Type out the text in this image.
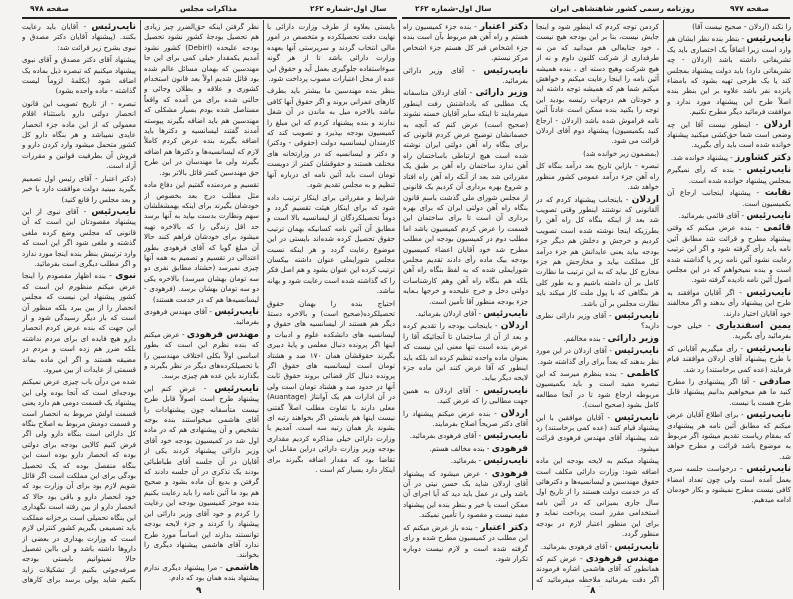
صفحه ۹۷۸	مذاکرات مجلس	سال اول-شماره ۲۶۲	سال اول-شماره ۲۶۲	روزنامه رسمی کشور شاهنشاهی ایران	صفحه ۹۷۷

نایب‌رئیس - آقایان باید رعایت بکنند. (پیشنهاد آقایان دکتر مصدق و نبوی بشرح زیر قرائت شد:

پیشنهاد آقای دکتر مصدق و آقای نبوی پیشنهاد میکنیم که تبصره ذیل بماده یک اضافه شود (بکلمهٔ لزوماً لیست گذاشته - ماده واحده بشود)

تبصره - از تاریخ تصویب این قانون انحصار دولتی دارو باستثناء اقلام معمولی که از این ماده جزء انحصار عایدی نمیباشد و هر بنگاه دارو کل کشور متحمل میشود وارد کردن دارو و فروش آن بطرفیت قوانین و مقررات آزاد است.

(دکتر اعتبار - آقای رئیس اول تصمیم بگیرید ببینید دولت موافقت دارد یا خیر و بعد مجلس را قانع کنید)

نایب‌رئیس - آقای نبوی از این پیشنهاد مقصودتان این است که آن قانونی که مجلس وضع کرده ملغی گذشته و ملغی شود اگر این است که وارد ترتیبش بنظر بنده اینجا مورد ندارد و اگر مطلب دیگری است بفرمائید.

نبوی - بنده اظهار مقصودم را اینجا عرض میکنم منظورم این است که کشور پیشنهاد این نیست که مجلس انحصار را از بین ببرد بلکه منظور آن است که بار دیگر رسیدگی شود و از این جهت که بنده عرض کردم انحصار دارو هیچ فایده ای برای مردم نداشته بلکه ضرر هم زده است و مردم در مضیقه هستند و اگر این ماده بماند قسمتی از عایدات از بین میرود.

شده من درآن باب چیزی عرض نمیکنم بودجه‌ای است که آنجا بوده ولی این پیشنهاد یک قسمت دومی هم دارد یعنی قسمت اولش مربوط به انحصار است و قسمت دومش مربوط به اصلاح بنگاه کل دارائی است بنگاه دارو ولی اگر فرض کنیم کالایی بودجه برای دولتی بوده که انحصار دارو بوده است این بنگاه منفصل بوده که یک تحصیل بودگی برای این مملکت است اگر قائل شویم لازم بود برای آن وزارت بود که خود انحصار دارو و باقی بود حالا که انحصار دارو از بین رفته است نگهداری این بنگاه تحمیلی است برخزانه مملکت باید تصمیمی بگیریم کشور کنترلی لازم است که وزارت بهداری در بعضی از داروها داشته باشد و لی بااین تفصیل حالا نمیتوانیم بایستی بودجه صرفه‌جوئی بکنیم از تشکیلات زاید بکنیم شاید پولی برسد برای کارهای

نظر گرفتن اینکه حق‌الضرر چیز زیادی هم تحصیل بودجهٔ کشور نشود تحصیل بودجه علیحده (Debirl) کشور نشود آمدیم یکمقدار خیلی کمی برای این جا مهندسین که بهمان مسائل عالم شده بود قائل شدیم اولاً بعد قانون استخدام کشوری و علاقه و بطلان وجائی و حالتی شده برای من آمده که واقعاً مستاصل شده بودم بسیار مشکلی که مهندسین هم باید اضافه بگیرند پیوسته آمدند گفتند لیسانسیه و دکترها باید اضافه بگیرند بنده عرض کردم کاملاً لازم که لیسانسیه‌ها و دکترها هم اضافه بگیرند ولی ما مهندسان در این طرح حق مهندسین کمتر قائل بالاتر بود.

تقسیم و مردمنده گفتیم این دفاع ماده مثل مطلب درج بعد بخصوص از خودشان بگیرند برای اینکه بهمشغلشان سهم ونظارت بدست بیاید به آنها برسد حد اقل زندگی را که بالاخره تهیه میشود برای خودشان فراهم کنند حالا آن مبلغ گویا که آقای فرهودی بطور اعتدالی در تقسیم و تصمیم به همه آنها چیزی نمیرسد (حشتاد مطابق نفری دو سه تومان بهشان میرسد) بالاخره یکی دو سه تومان بهشان برسد. (فرهودی - لیسانسیه‌ها هم که در خدمت هستند)

نایب‌رئیس - آقای مهندس فرهودی بفرمائید.

مهندس فرهودی - عرض میکنم که بنده نظرم این است که بطور اساسی اولاً بکلی اختلاف مهندسین را با تحصیلکرده‌های دیگر در نظر بگیرند و بگذارند باین عده هم چیزی برسد.

نایب‌رئیس - عرض کنم این پیشنهاد طرح است اصولاً قابل طرح نیست متأسفانه چون پیشنهادات را آقای هاشمی میخواستند بنده بوجه تشخیص و آن پیشنهادی هم که در ماده اول شد در کمیسیون بودجه خود آقای وزیر دارائی پیشنهاد کردند یکی از آقایان در آن جلسه آقای طباطبائی بودند یک تذکری در آن جلسه دادند که گرفتن و بدیع آن ماده بشود و صحیح هم بود ما آئین نامه را باید رعایت بکنیم بنده موجز کمیسیون بودجه این رعایت را کردم و خود آقای وزیر دارائی این پیشنهاد را کردند و جزء لایحه بودجه توانستند بدارند این اساساً مورد طرح ندارد آقای هاشمی پیشنهاد دیگری را بخوانند.

هاشمی - مرا پیشنهاد دیگری ندارم پیشنهاد بنده همان بود که دادم.

بایستی بعلاوه از طرف وزارت دارائی با نهایت دقت تحصیلکرده و متخصص در امور مالی انتخاب گردند و سرپرستی آنها بعهده وزارت دارائی باشد تا از هر گونه سوءاستفاده جلوگیری بعمل آید و حقوق این عده از محل اعتبارات مصوب پرداخت شود.

بنظر بنده مهندسین ما بیشتر باید بطرف کارهای عمرانی بروند و اگر حقوق آنها کافی نباشد بالاخره میل به ماندن در آن شغل ندارند و بنده پیشنهاد کردم که این مبلغ را کمیسیون بودجه بپذیرد و تصویب کند که کارمندان لیسانسیه دولت (حقوقی - ودکتر) و دکتر و لیسانسیه که در وزارتخانه های مختلف هستند و حقوقشان کمتر از دویست تومان است باید آئین نامه ای درباره آنها تنظیم و به مجلس تقدیم شود.

شرایط و مقرراتی برای اینکار ترتیب داده شود که برای اینکار هیئت تقسیم گردد و دوماً تحصیلکردگان از لیسانسیه بالا است و مطابق آن آئین نامه کسانیکه بهمان ترتیب حقوق تحصیل کرده شده‌اند بایستی در این موضوع رعایت گردد و هر اینکه نسبت مجلس شورایملی عنوان داشته بیکسان ترتیب کرده این عنوان بشود و هم اصل فکر را که گذاشته شده است رعایت شود و بهانه نباشد.

احتیاج بنده را بهمان حقوق تحصیلکرده(صحیح است) و بالاخره دستهٔ دیگر هم هستند از لیسانسیه های حقوق و لیسانسیه های دانشکده علوم و ادبیات و اینها اگر پرونده دنبال معلمی و پایهٔ دبیری بگیرند حقوقشان همان ۱۷۰ صد و هشتاد تومان است لیسانسیه های حقوق اگر پرونده دنبال کار قضائی بروند حقوق ثابت آنها در حدود صد و هشتاد تومان است ولی در آن ادارات هم یک آوانتاژ (Auantage) معلی دارند با تفاوت مطلب اصلاً گفتنی نیست اینها هم بایستی اگر بخواهند رتبه ای بشوند باز همان رتبه سه است. آمدیم با وزارت دارائی خیلی مذاکره کردیم مقداری بودجه وزیر وزارت دارائی دراین مقابل این تقاضا بود که مقدار اضافه بگیرند برای اینکار دارد بسیار کم است .

دکتر اعتبار - بنده جزء کمیسیون راه هستم و راه آهن هم مربوط بآن است بنده جزء اشخاص قیر کل هستم جزء اشخاص مرکز نیستم.

نایب‌رئیس - آقای وزیر دارائی بفرمائید.

وزیر دارائی - آقای اردلان متاسفانه یک مطلبی که یادداشتش رفت اینطور میفرمایند تا اینکه سایر آقایان خسته نشوند (صحیح است) عرض کنم که آنچه به خصمانشان توضیح عرض کردم قانونی که برای بنگاه راه آهن دولتی ایران نوشته شده است هیچ ارتباطی باساختمان راه آهن ندارد ساختمان راه آهن بر طبق یک مقرراتی شد بعد از آنکه راه آهن راه افتاد و شروع بهره برداری آن کردیم یک قانونی از مجلس شورای ملی گذشت باسم قانون بنگاه راه آهن دولتی ایران که برای بهره برداری آن است تا برای ساختمان این قسمت را عرض کردم کمیسیون باشد اما مطلب دوم در کمیسیون بودجه این مطلب مطرح شد خود آقایان اعضاء کمیسیون بودجه بیک ماده رأی دادند تقدیم مجلس شورایملی شده که به لفظ بنگاه راه آهن بلکه هم بنگاه راه آهن وهم کارشناسات دولتی دخل و خرج علیحده و خرجها بـعایه جزء بودجه منظور آقا تأمین است.

نایب‌رئیس - آقای اردلان بفرمائید.

اردلان - باینجانب بودجه را تقدیم کرده و بعد از آن از ساختمان تا آنجائیکه آقا را عرض بنده است تنها معنی این نیست که بعنوان ماده واحده تنظیم کرده اند بلکه باید اینطور که آقا عرض کنند این ماده جزء لایحه دیگر بیاید.

نایب‌رئیس - آقای اردلان به همین جهت مطالبی را که عرض کنید.

اردلان - بنده عرض میکنم پیشنهاد را آقای دکتر صریحاً اصلاح بفرمایند.

نایب‌رئیس - آقای فرهودی بفرمائید.

فرهودی - بنده مخالف هستم.

نایب‌رئیس - بفرمائید.

فرهودی - عرض میشود که پیشنهاد آقای اردلان شاید یک حسن نیتی در آن باشد ولی در عمل باید دید که آیا اجرای آن ممکن است یا خیر و بنظر بنده این پیشنهاد مفید نیست و مقصود را تأمین نمیکند.

دکتر اعتبار - بنده باز عرض میکنم که این مطلب در کمیسیون مطرح شده و رای گرفته شده است و لازم نیست دوباره تکرار شود.

کردمن توجه کردم که اینطور شود و اینجا جایش نیست، بنا بر این بودجه هیچ نیست ، خود جنابعالی هم میدانید که من نه طرفداری از شرکت کلنون داوم و نه از هیچ شرکت وهیچ دسته ای ، بنده همیشه آئین نامه را اینجا رعایت میکنم و خواهش میکنم شما هم که همیشه توجه داشته اید و خودتان هم درجهات رئیسه بودید این توجه را بکنید بنده ممکن است عادتاً آئین نامه فراموش شده باشد (اردلان - ارجاع کنید بکمیسیون) پیشنهاد دوم آقای اردلان قرائت می شود.

(بمضمون زیر خوانده شد)

تبصره - بازاین تاریخ بعد درآمد بنگاه کل راه آهن جزء درآمد عمومی کشور منظور خواهد شد.

اردلان - باینجانب پیشنهاد کردم که در آلقانونی که نوشتند اینطور وقتی تصویب شد بعد از اینکه بنگاه کل راه آهن را بطرزیکه اینجا نوشته شده است تصویب کردیم و خرجش و دخلش هم دیگر جزء بودجه بیاید یعنی عایداتش هم جزء درآمد کل مملکت بیاید و مخارجش هم جزء مخارج کل بیاید که به این ترتیب ما نظارت کامل بر آن داشته باشیم و به طور کلی هر بنگاهی که با پول ملت کار میکند باید نظارت مجلس بر آن باشد.

نایب‌رئیس - آقای وزیر دارائی نظری دارید؟

وزیر دارائی - بنده مخالفم.

نایب‌رئیس - آقای اردلان در این مورد نظر بدهند که بعداً برای رأی گذاشته شود.

کاظمی - بنده بنظرم میرسد که این تبصره مفید است و باید بکمیسیون مربوطه ارجاع شود تا در آنجا مطالعه کامل بشود (صحیح است).

نایب‌رئیس - آقایان موافقین با این پیشنهاد قیام کنند (عده کمی برخاستند) رد شد پیشنهاد آقای مهندس فرهودی قرائت میشود.

پیشنهاد میکنم به لایحه بودجه این ماده اضافه شود: وزارت دارائی مکلف است حقوق مهندسین و لیسانسیه‌ها و دکترهائی که در خدمت دولت هستند را از تاریخ اول سال جاری بمیزانی که در آئین نامه استخدامی مقرر است پرداخت نماید و برای این منظور اعتبار لازم در بودجه منظور گردد.

نایب‌رئیس - آقای فرهودی بفرمائید.

مهندس فرهودی - عرض کنم که همانطور که آقای هاشمی اشاره فرمودند اگر دقت بفرمائید ملاحظه میفرمائید که

را نکند (اردلان - صحیح نیست آقا)

نایب‌رئیس - بنظر بنده نظر ایشان هم وارد است زیرا اتفاقاً یک اختصاری باید یک تشریفاتی داشته باشد (اردلان - چه تشریفاتی دارد) باید دولت پیشنهاد بمجلس کند یا یک طرحی تهیه بشود که بامضاء پانزده نفر باشد علاوه بر این بنظر بنده اصلاً طرح این پیشنهاد مورد ندارد و موافقت فرمائید دیگر مطرح نکنیم.

اردلان - اینطور نیست آقا این چه وضعی است شما حق‌کشی میکنید پیشنهاد خوانده شده است باید رأی بگیرید.

دکتر کشاورز - پیشنهاد خوانده شد.

نایب‌رئیس - بنده که رأی نمیگیرم بمجلس پیشنهاد خوانده شده است.

نقابت - پیشنهاد اینجانب ارجاع آن بکمیسیون است.

نایب‌رئیس - آقای قائمی بفرمائید.

قائمی - بنده عرض میکنم که وقتی پیشنهاد مطرح و قرائت شد مطابق آئین نامه باید رأی گرفته شود و اگر این ترتیب رعایت نشود آئین نامه زیر پا گذاشته شده است و بنده نمیخواهم که در این مجلس اصول آئین نامه نادیده گرفته شود.

نایب‌رئیس - اگر آقایان موافقند به طرح این پیشنهاد رأی بدهند و اگر مخالفند خود آقایان اختیار دارند.

یمین اسفندیاری - خیلی خوب بفرمائید رأی بگیرید.

نایب‌رئیس - رأی میگیریم آقایانی که با طرح پیشنهاد آقای اردلان موافقند قیام فرمایند (عده کمی برخاستند) رد شد.

صادقی - آقا اگر پیشنهادی را مطرح کنید ما هم میخواهیم بدانیم پیشنهاد قابل طرح هست یا نیست.

نایب‌رئیس - برای اطلاع آقایان عرض میکنم که مطابق آئین نامه هر پیشنهادی که بمقام ریاست تقدیم میشود اگر مربوط به موضوع باشد قرائت و مطرح خواهد شد.

نایب‌رئیس - درخواست جلسه سری بعمل آمده است ولی چون تعداد امضاء کافی نیست مطرح نمیشود و بکار خودمان ادامه میدهیم.

۹	۸
